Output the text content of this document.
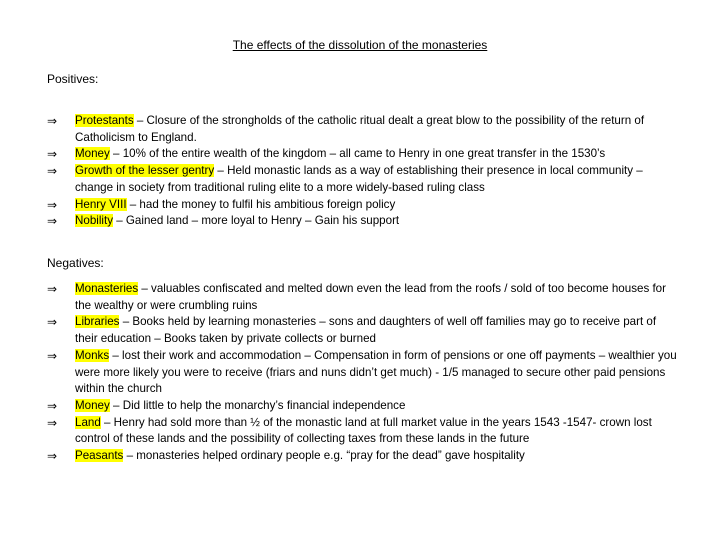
The effects of the dissolution of the monasteries
Positives:
⇒ Protestants – Closure of the strongholds of the catholic ritual dealt a great blow to the possibility of the return of Catholicism to England.
⇒ Money – 10% of the entire wealth of the kingdom – all came to Henry in one great transfer in the 1530’s
⇒ Growth of the lesser gentry – Held monastic lands as a way of establishing their presence in local community – change in society from traditional ruling elite to a more widely-based ruling class
⇒ Henry VIII – had the money to fulfil his ambitious foreign policy
⇒ Nobility – Gained land – more loyal to Henry – Gain his support
Negatives:
⇒ Monasteries – valuables confiscated and melted down even the lead from the roofs / sold of too become houses for the wealthy or were crumbling ruins
⇒ Libraries – Books held by learning monasteries – sons and daughters of well off families may go to receive part of their education – Books taken by private collects or burned
⇒ Monks – lost their work and accommodation – Compensation in form of pensions or one off payments – wealthier you were more likely you were to receive (friars and nuns didn’t get much) - 1/5 managed to secure other paid pensions within the church
⇒ Money – Did little to help the monarchy’s financial independence
⇒ Land – Henry had sold more than ½ of the monastic land at full market value in the years 1543 -1547- crown lost control of these lands and the possibility of collecting taxes from these lands in the future
⇒ Peasants – monasteries helped ordinary people e.g. “pray for the dead” gave hospitality
